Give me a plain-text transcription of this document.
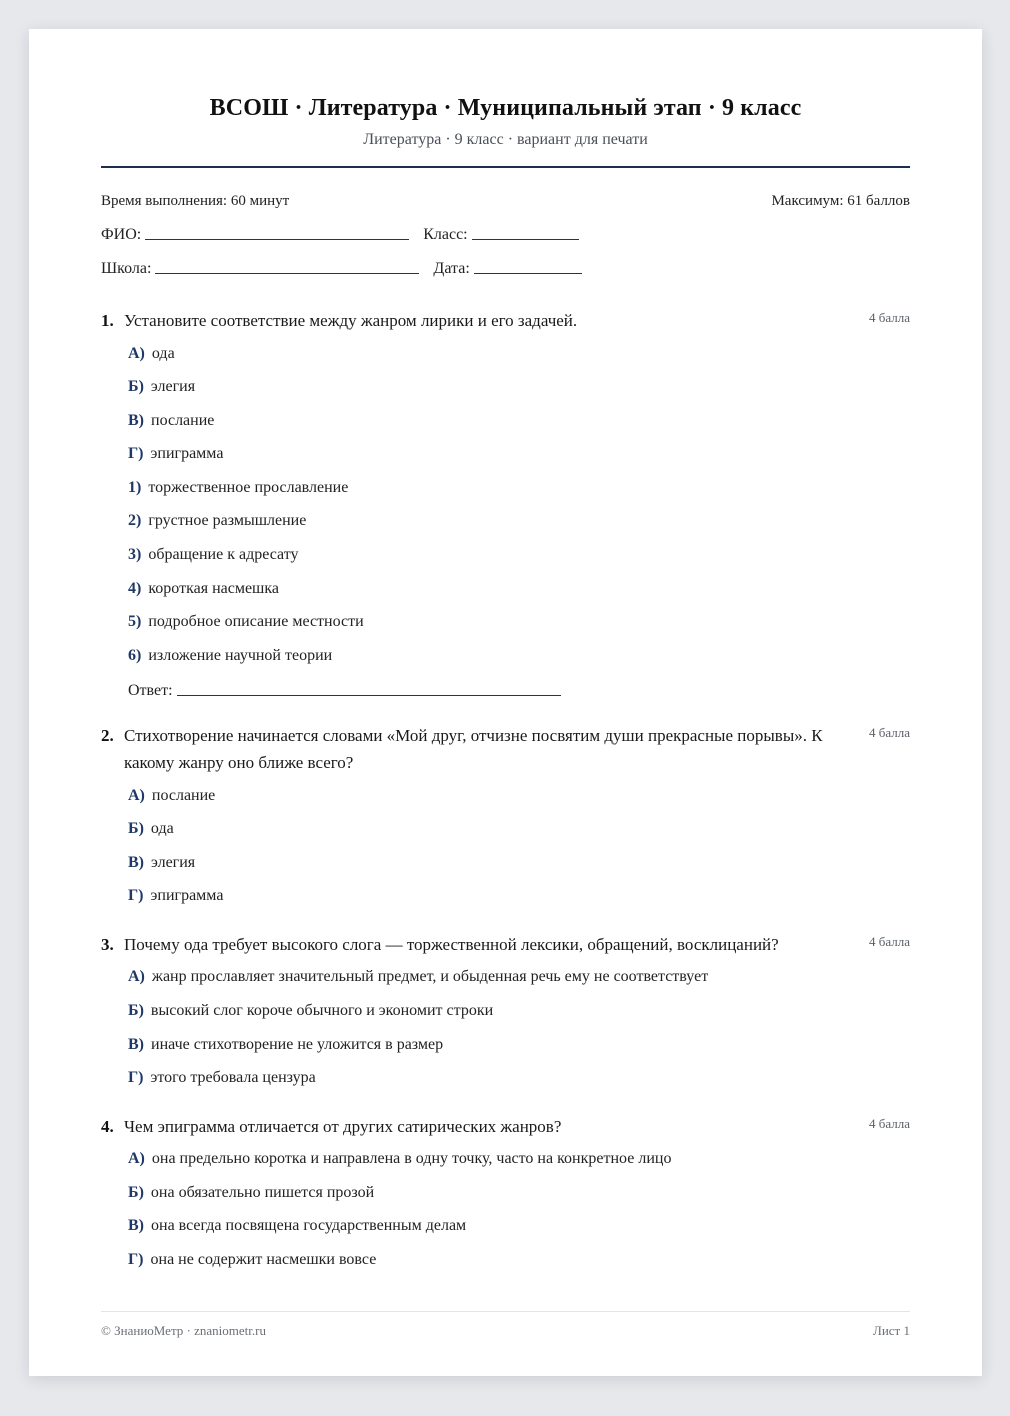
ВСОШ · Литература · Муниципальный этап · 9 класс
Литература · 9 класс · вариант для печати
Время выполнения: 60 минут	Максимум: 61 баллов
ФИО:	Класс:
Школа:	Дата:
1. Установите соответствие между жанром лирики и его задачей.	4 балла
А) ода
Б) элегия
В) послание
Г) эпиграмма
1) торжественное прославление
2) грустное размышление
3) обращение к адресату
4) короткая насмешка
5) подробное описание местности
6) изложение научной теории
Ответ:
2. Стихотворение начинается словами «Мой друг, отчизне посвятим души прекрасные порывы». К какому жанру оно ближе всего?
4 балла
А) послание
Б) ода
В) элегия
Г) эпиграмма
3. Почему ода требует высокого слога — торжественной лексики, обращений, восклицаний?	4 балла
А) жанр прославляет значительный предмет, и обыденная речь ему не соответствует
Б) высокий слог короче обычного и экономит строки
В) иначе стихотворение не уложится в размер
Г) этого требовала цензура
4. Чем эпиграмма отличается от других сатирических жанров?	4 балла
А) она предельно коротка и направлена в одну точку, часто на конкретное лицо
Б) она обязательно пишется прозой
В) она всегда посвящена государственным делам
Г) она не содержит насмешки вовсе
© ЗнаниоМетр · znaniometr.ru	Лист 1
